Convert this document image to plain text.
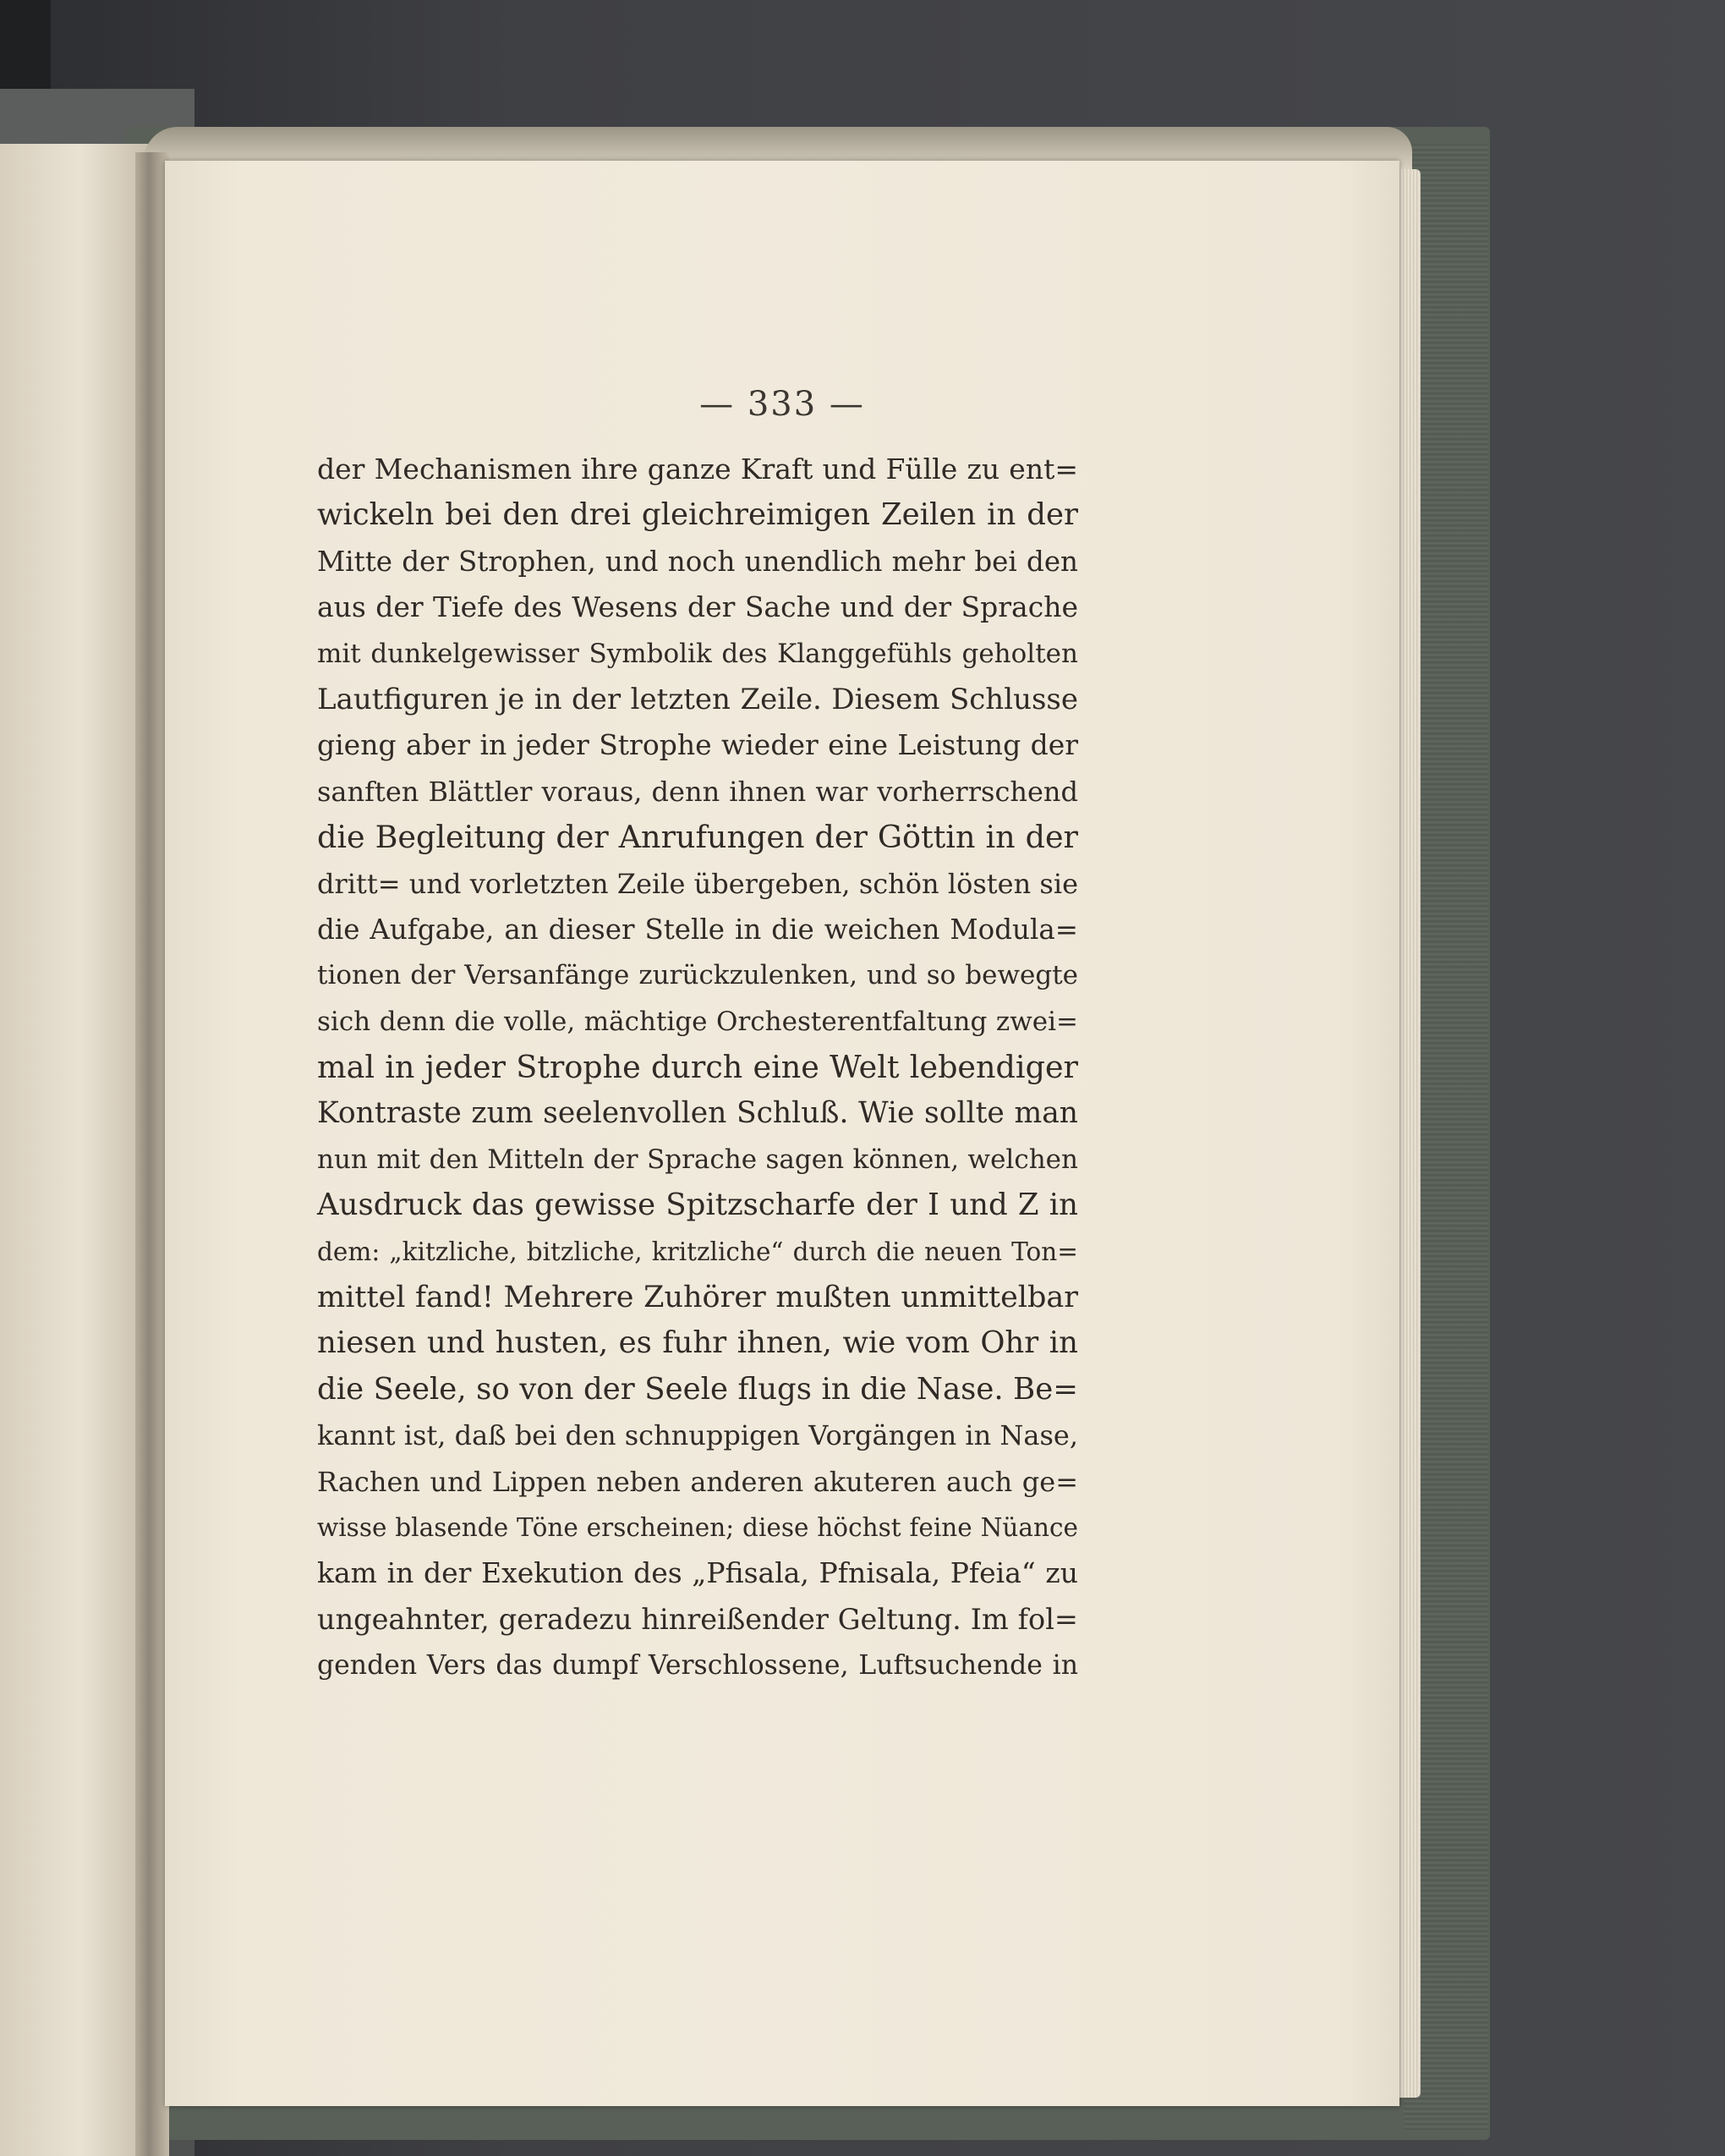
— 333 —
der Mechanismen ihre ganze Kraft und Fülle zu ent=
wickeln bei den drei gleichreimigen Zeilen in der
Mitte der Strophen, und noch unendlich mehr bei den
aus der Tiefe des Wesens der Sache und der Sprache
mit dunkelgewisser Symbolik des Klanggefühls geholten
Lautfiguren je in der letzten Zeile. Diesem Schlusse
gieng aber in jeder Strophe wieder eine Leistung der
sanften Blättler voraus, denn ihnen war vorherrschend
die Begleitung der Anrufungen der Göttin in der
dritt= und vorletzten Zeile übergeben, schön lösten sie
die Aufgabe, an dieser Stelle in die weichen Modula=
tionen der Versanfänge zurückzulenken, und so bewegte
sich denn die volle, mächtige Orchesterentfaltung zwei=
mal in jeder Strophe durch eine Welt lebendiger
Kontraste zum seelenvollen Schluß. Wie sollte man
nun mit den Mitteln der Sprache sagen können, welchen
Ausdruck das gewisse Spitzscharfe der I und Z in
dem: „kitzliche, bitzliche, kritzliche“ durch die neuen Ton=
mittel fand! Mehrere Zuhörer mußten unmittelbar
niesen und husten, es fuhr ihnen, wie vom Ohr in
die Seele, so von der Seele flugs in die Nase. Be=
kannt ist, daß bei den schnuppigen Vorgängen in Nase,
Rachen und Lippen neben anderen akuteren auch ge=
wisse blasende Töne erscheinen; diese höchst feine Nüance
kam in der Exekution des „Pfisala, Pfnisala, Pfeia“ zu
ungeahnter, geradezu hinreißender Geltung. Im fol=
genden Vers das dumpf Verschlossene, Luftsuchende in
